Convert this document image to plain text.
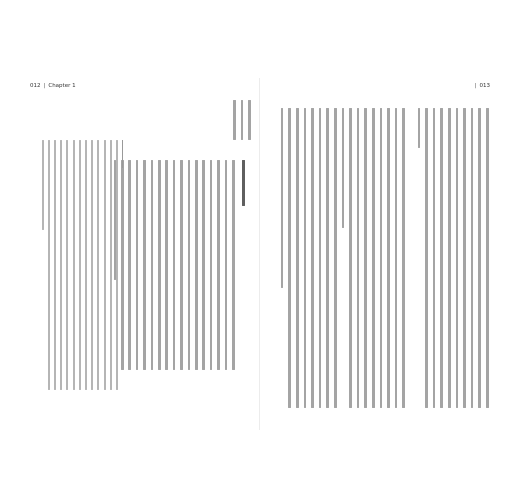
012 | Chapter 1	| 013
